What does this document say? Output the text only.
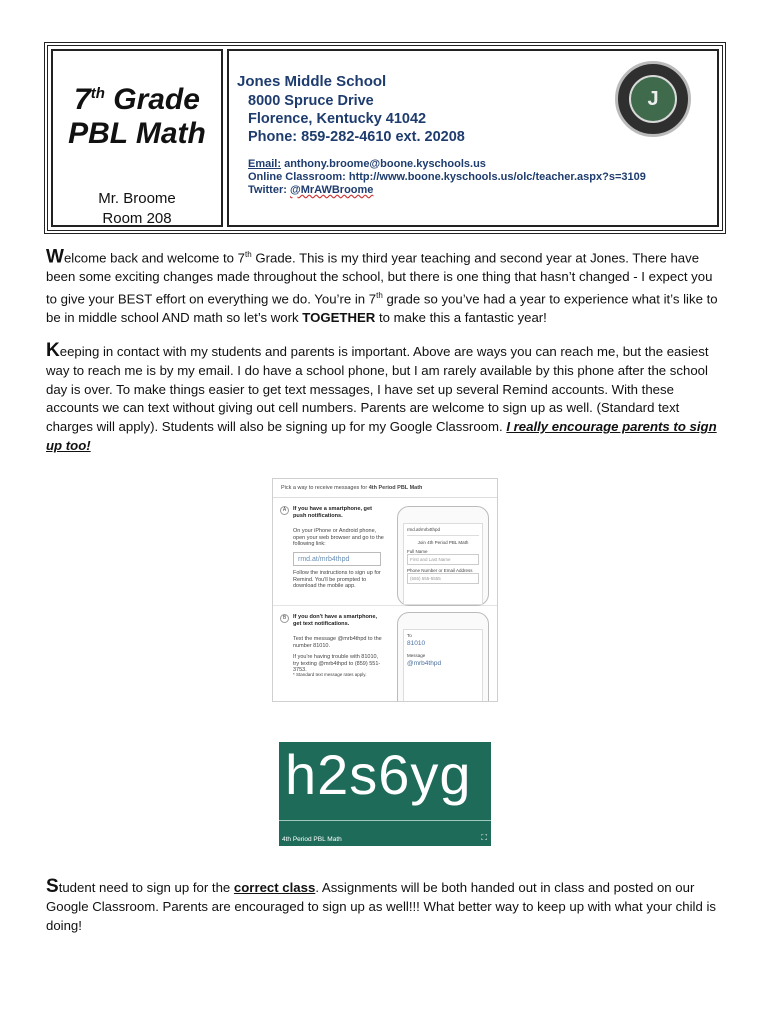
7th Grade
PBL Math
Mr. Broome
Room 208
Jones Middle School
8000 Spruce Drive
Florence, Kentucky 41042
Phone: 859-282-4610 ext. 20208
Email: anthony.broome@boone.kyschools.us
Online Classroom: http://www.boone.kyschools.us/olc/teacher.aspx?s=3109
Twitter: @MrAWBroome
J
Welcome back and welcome to 7th Grade. This is my third year teaching and second year at Jones. There have been some exciting changes made throughout the school, but there is one thing that hasn’t changed - I expect you to give your BEST effort on everything we do. You’re in 7th grade so you’ve had a year to experience what it’s like to be in middle school AND math so let’s work TOGETHER to make this a fantastic year!
Keeping in contact with my students and parents is important. Above are ways you can reach me, but the easiest way to reach me is by my email. I do have a school phone, but I am rarely available by this phone after the school day is over. To make things easier to get text messages, I have set up several Remind accounts. With these accounts we can text without giving out cell numbers. Parents are welcome to sign up as well. (Standard text charges will apply). Students will also be signing up for my Google Classroom. I really encourage parents to sign up too!
Pick a way to receive messages for 4th Period PBL Math
A	If you have a smartphone, get push notifications.
On your iPhone or Android phone, open your web browser and go to the following link:
rmd.at/mrb4thpd
Follow the instructions to sign up for Remind. You'll be prompted to download the mobile app.
rmd.at/mrb4thpd
Join 4th Period PBL Math
Full Name
First and Last Name
Phone Number or Email Address
(555) 555-5555
B	If you don't have a smartphone, get text notifications.
Text the message @mrb4thpd to the number 81010.
If you're having trouble with 81010, try texting @mrb4thpd to (859) 551-3753.
* Standard text message rates apply.
To
81010
Message
@mrb4thpd
h2s6yg
4th Period PBL Math	⛶
Student need to sign up for the correct class. Assignments will be both handed out in class and posted on our Google Classroom. Parents are encouraged to sign up as well!!! What better way to keep up with what your child is doing!
